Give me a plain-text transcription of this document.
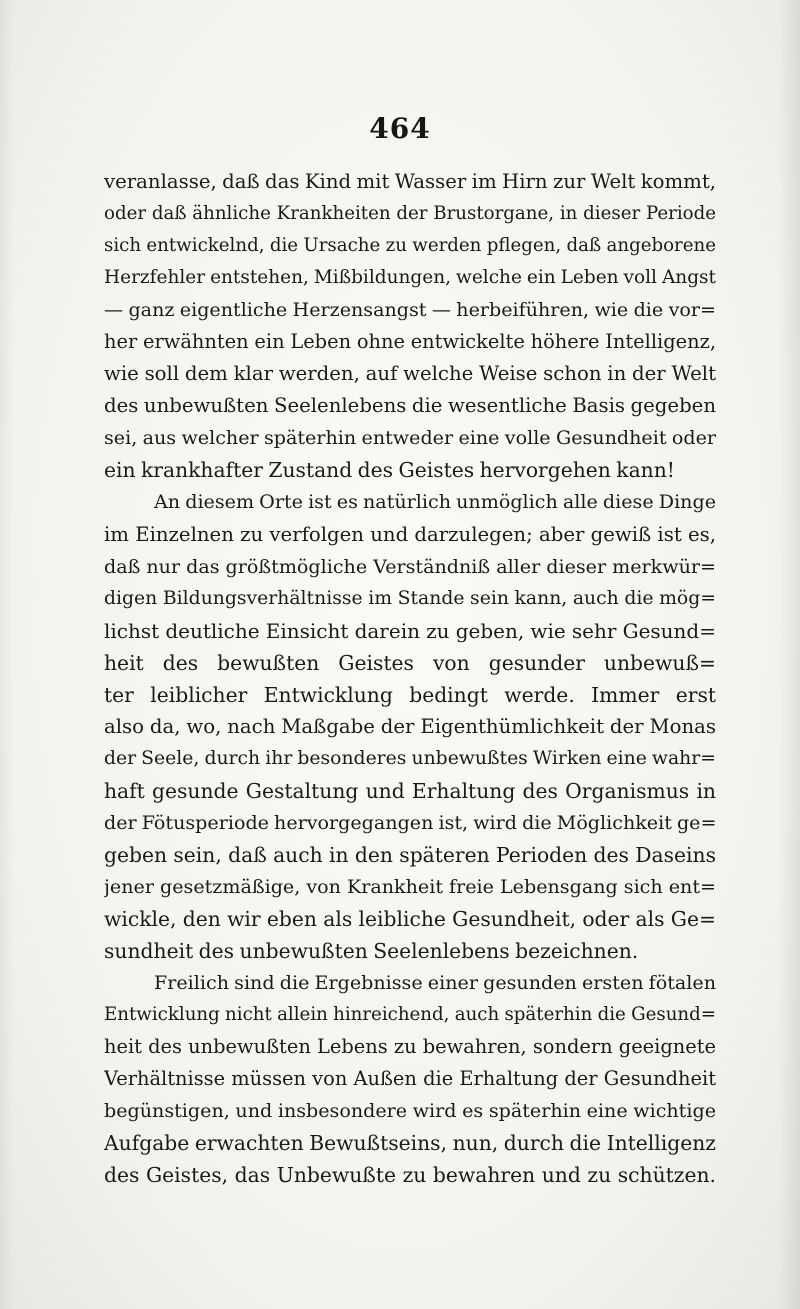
464
veranlasse, daß das Kind mit Wasser im Hirn zur Welt kommt,
oder daß ähnliche Krankheiten der Brustorgane, in dieser Periode
sich entwickelnd, die Ursache zu werden pflegen, daß angeborene
Herzfehler entstehen, Mißbildungen, welche ein Leben voll Angst
— ganz eigentliche Herzensangst — herbeiführen, wie die vor=
her erwähnten ein Leben ohne entwickelte höhere Intelligenz,
wie soll dem klar werden, auf welche Weise schon in der Welt
des unbewußten Seelenlebens die wesentliche Basis gegeben
sei, aus welcher späterhin entweder eine volle Gesundheit oder
ein krankhafter Zustand des Geistes hervorgehen kann!
An diesem Orte ist es natürlich unmöglich alle diese Dinge
im Einzelnen zu verfolgen und darzulegen; aber gewiß ist es,
daß nur das größtmögliche Verständniß aller dieser merkwür=
digen Bildungsverhältnisse im Stande sein kann, auch die mög=
lichst deutliche Einsicht darein zu geben, wie sehr Gesund=
heit des bewußten Geistes von gesunder unbewuß=
ter leiblicher Entwicklung bedingt werde. Immer erst
also da, wo, nach Maßgabe der Eigenthümlichkeit der Monas
der Seele, durch ihr besonderes unbewußtes Wirken eine wahr=
haft gesunde Gestaltung und Erhaltung des Organismus in
der Fötusperiode hervorgegangen ist, wird die Möglichkeit ge=
geben sein, daß auch in den späteren Perioden des Daseins
jener gesetzmäßige, von Krankheit freie Lebensgang sich ent=
wickle, den wir eben als leibliche Gesundheit, oder als Ge=
sundheit des unbewußten Seelenlebens bezeichnen.
Freilich sind die Ergebnisse einer gesunden ersten fötalen
Entwicklung nicht allein hinreichend, auch späterhin die Gesund=
heit des unbewußten Lebens zu bewahren, sondern geeignete
Verhältnisse müssen von Außen die Erhaltung der Gesundheit
begünstigen, und insbesondere wird es späterhin eine wichtige
Aufgabe erwachten Bewußtseins, nun, durch die Intelligenz
des Geistes, das Unbewußte zu bewahren und zu schützen.
